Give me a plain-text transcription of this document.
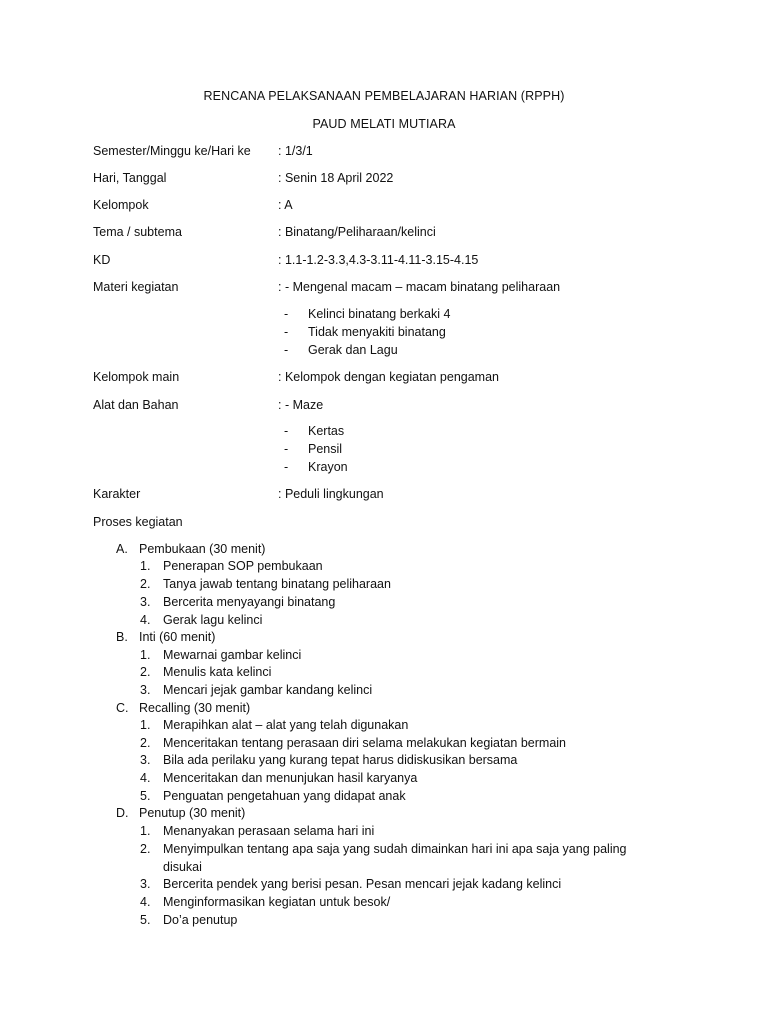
RENCANA PELAKSANAAN PEMBELAJARAN HARIAN (RPPH)
PAUD MELATI MUTIARA
Semester/Minggu ke/Hari ke : 1/3/1
Hari, Tanggal	: Senin 18 April 2022
Kelompok	: A
Tema / subtema	: Binatang/Peliharaan/kelinci
KD	: 1.1-1.2-3.3,4.3-3.11-4.11-3.15-4.15
Materi kegiatan	: - Mengenal macam – macam binatang peliharaan
- Kelinci binatang berkaki 4
- Tidak menyakiti binatang
- Gerak dan Lagu
Kelompok main	: Kelompok dengan kegiatan pengaman
Alat dan Bahan	: - Maze
- Kertas
- Pensil
- Krayon
Karakter	: Peduli lingkungan
Proses kegiatan
A. Pembukaan (30 menit)
1. Penerapan SOP pembukaan
2. Tanya jawab tentang binatang peliharaan
3. Bercerita menyayangi binatang
4. Gerak lagu kelinci
B. Inti (60 menit)
1. Mewarnai gambar kelinci
2. Menulis kata kelinci
3. Mencari jejak gambar kandang kelinci
C. Recalling (30 menit)
1. Merapihkan alat – alat yang telah digunakan
2. Menceritakan tentang perasaan diri selama melakukan kegiatan bermain
3. Bila ada perilaku yang kurang tepat harus didiskusikan bersama
4. Menceritakan dan menunjukan hasil karyanya
5. Penguatan pengetahuan yang didapat anak
D. Penutup (30 menit)
1. Menanyakan perasaan selama hari ini
2. Menyimpulkan tentang apa saja yang sudah dimainkan hari ini apa saja yang paling disukai
3. Bercerita pendek yang berisi pesan. Pesan mencari jejak kadang kelinci
4. Menginformasikan kegiatan untuk besok/
5. Do’a penutup
